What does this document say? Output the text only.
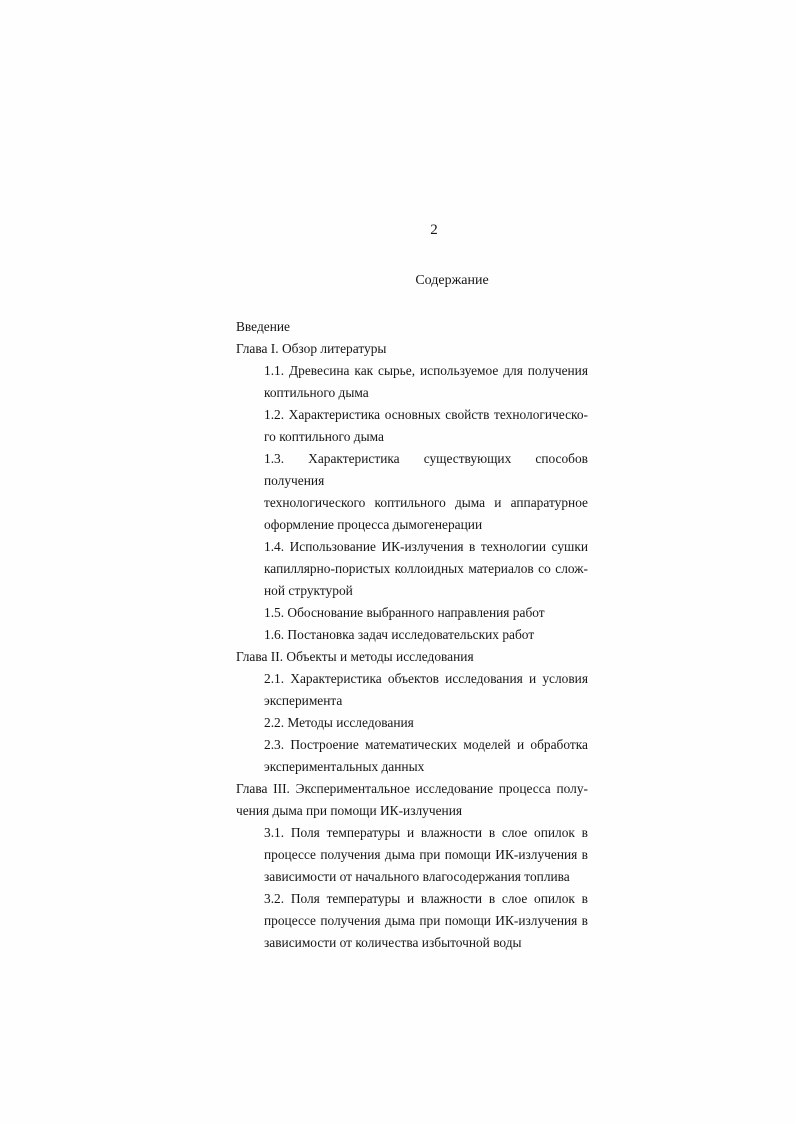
2
Содержание
Введение
Глава I. Обзор литературы
1.1. Древесина как сырье, используемое для получения
коптильного дыма
1.2. Характеристика основных свойств технологическо-
го коптильного дыма
1.3. Характеристика существующих способов получения
технологического коптильного дыма и аппаратурное
оформление процесса дымогенерации
1.4. Использование ИК-излучения в технологии сушки
капиллярно-пористых коллоидных материалов со слож-
ной структурой
1.5. Обоснование выбранного направления работ
1.6. Постановка задач исследовательских работ
Глава II. Объекты и методы исследования
2.1. Характеристика объектов исследования и условия
эксперимента
2.2. Методы исследования
2.3. Построение математических моделей и обработка
экспериментальных данных
Глава III. Экспериментальное исследование процесса полу-
чения дыма при помощи ИК-излучения
3.1. Поля температуры и влажности в слое опилок в
процессе получения дыма при помощи ИК-излучения в
зависимости от начального влагосодержания топлива
3.2. Поля температуры и влажности в слое опилок в
процессе получения дыма при помощи ИК-излучения в
зависимости от количества избыточной воды
